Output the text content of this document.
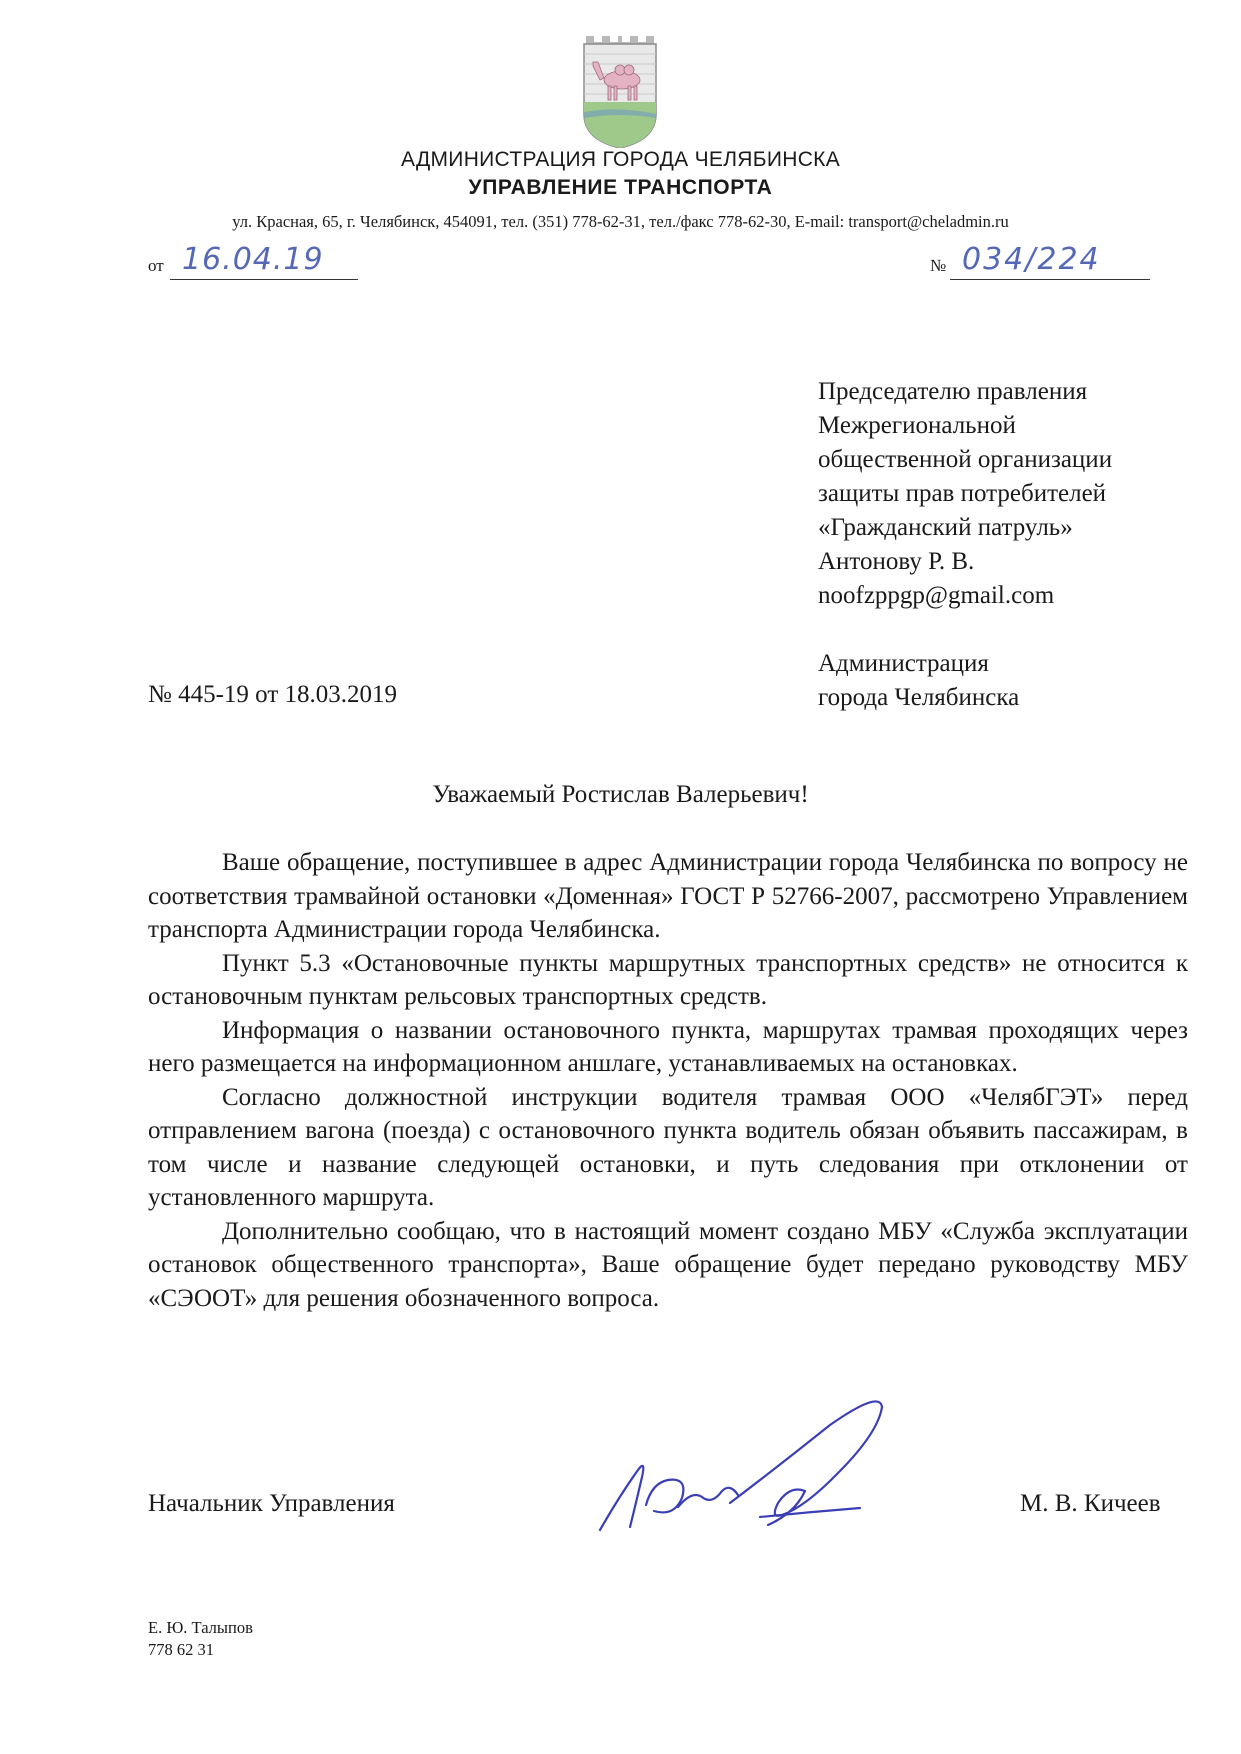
АДМИНИСТРАЦИЯ ГОРОДА ЧЕЛЯБИНСКА
УПРАВЛЕНИЕ ТРАНСПОРТА
ул. Красная, 65, г. Челябинск, 454091, тел. (351) 778-62-31, тел./факс 778-62-30, E-mail: transport@cheladmin.ru
от 16.04.19	№ 034/224
Председателю правления
Межрегиональной
общественной организации
защиты прав потребителей
«Гражданский патруль»
Антонову Р. В.
noofzppgp@gmail.com
Администрация
города Челябинска
№ 445-19 от 18.03.2019
Уважаемый Ростислав Валерьевич!

Ваше обращение, поступившее в адрес Администрации города Челябинска по вопросу не соответствия трамвайной остановки «Доменная» ГОСТ Р 52766-2007, рассмотрено Управлением транспорта Администрации города Челябинска.

Пункт 5.3 «Остановочные пункты маршрутных транспортных средств» не относится к остановочным пунктам рельсовых транспортных средств.

Информация о названии остановочного пункта, маршрутах трамвая проходящих через него размещается на информационном аншлаге, устанавливаемых на остановках.

Согласно должностной инструкции водителя трамвая ООО «ЧелябГЭТ» перед отправлением вагона (поезда) с остановочного пункта водитель обязан объявить пассажирам, в том числе и название следующей остановки, и путь следования при отклонении от установленного маршрута.

Дополнительно сообщаю, что в настоящий момент создано МБУ «Служба эксплуатации остановок общественного транспорта», Ваше обращение будет передано руководству МБУ «СЭООТ» для решения обозначенного вопроса.

Начальник Управления	М. В. Кичеев
Е. Ю. Талыпов
778 62 31
